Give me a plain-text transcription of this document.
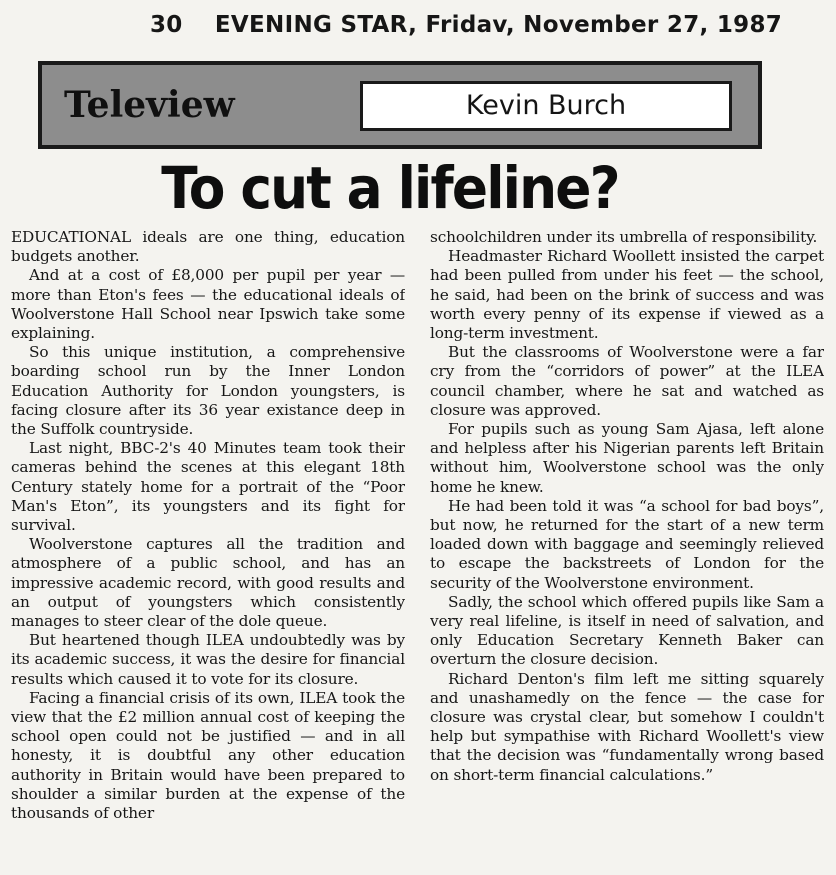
30 EVENING STAR, Fridav, November 27, 1987
Teleview	Kevin Burch
To cut a lifeline?

EDUCATIONAL ideals are one thing, education budgets another.

And at a cost of £8,000 per pupil per year — more than Eton's fees — the educational ideals of Woolverstone Hall School near Ipswich take some explaining.

So this unique institution, a comprehensive boarding school run by the Inner London Education Authority for London youngsters, is facing closure after its 36 year existance deep in the Suffolk countryside.

Last night, BBC-2's 40 Minutes team took their cameras behind the scenes at this elegant 18th Century stately home for a portrait of the “Poor Man's Eton”, its youngsters and its fight for survival.

Woolverstone captures all the tradition and atmosphere of a public school, and has an impressive academic record, with good results and an output of youngsters which consistently manages to steer clear of the dole queue.

But heartened though ILEA undoubtedly was by its academic success, it was the desire for financial results which caused it to vote for its closure.

Facing a financial crisis of its own, ILEA took the view that the £2 million annual cost of keeping the school open could not be justified — and in all honesty, it is doubtful any other education authority in Britain would have been prepared to shoulder a similar burden at the expense of the thousands of other

schoolchildren under its umbrella of responsibility.

Headmaster Richard Woollett insisted the carpet had been pulled from under his feet — the school, he said, had been on the brink of success and was worth every penny of its expense if viewed as a long-term investment.

But the classrooms of Woolverstone were a far cry from the “corridors of power” at the ILEA council chamber, where he sat and watched as closure was approved.

For pupils such as young Sam Ajasa, left alone and helpless after his Nigerian parents left Britain without him, Woolverstone school was the only home he knew.

He had been told it was “a school for bad boys”, but now, he returned for the start of a new term loaded down with baggage and seemingly relieved to escape the backstreets of London for the security of the Woolverstone environment.

Sadly, the school which offered pupils like Sam a very real lifeline, is itself in need of salvation, and only Education Secretary Kenneth Baker can overturn the closure decision.

Richard Denton's film left me sitting squarely and unashamedly on the fence — the case for closure was crystal clear, but somehow I couldn't help but sympathise with Richard Woollett's view that the decision was “fundamentally wrong based on short-term financial calculations.”
